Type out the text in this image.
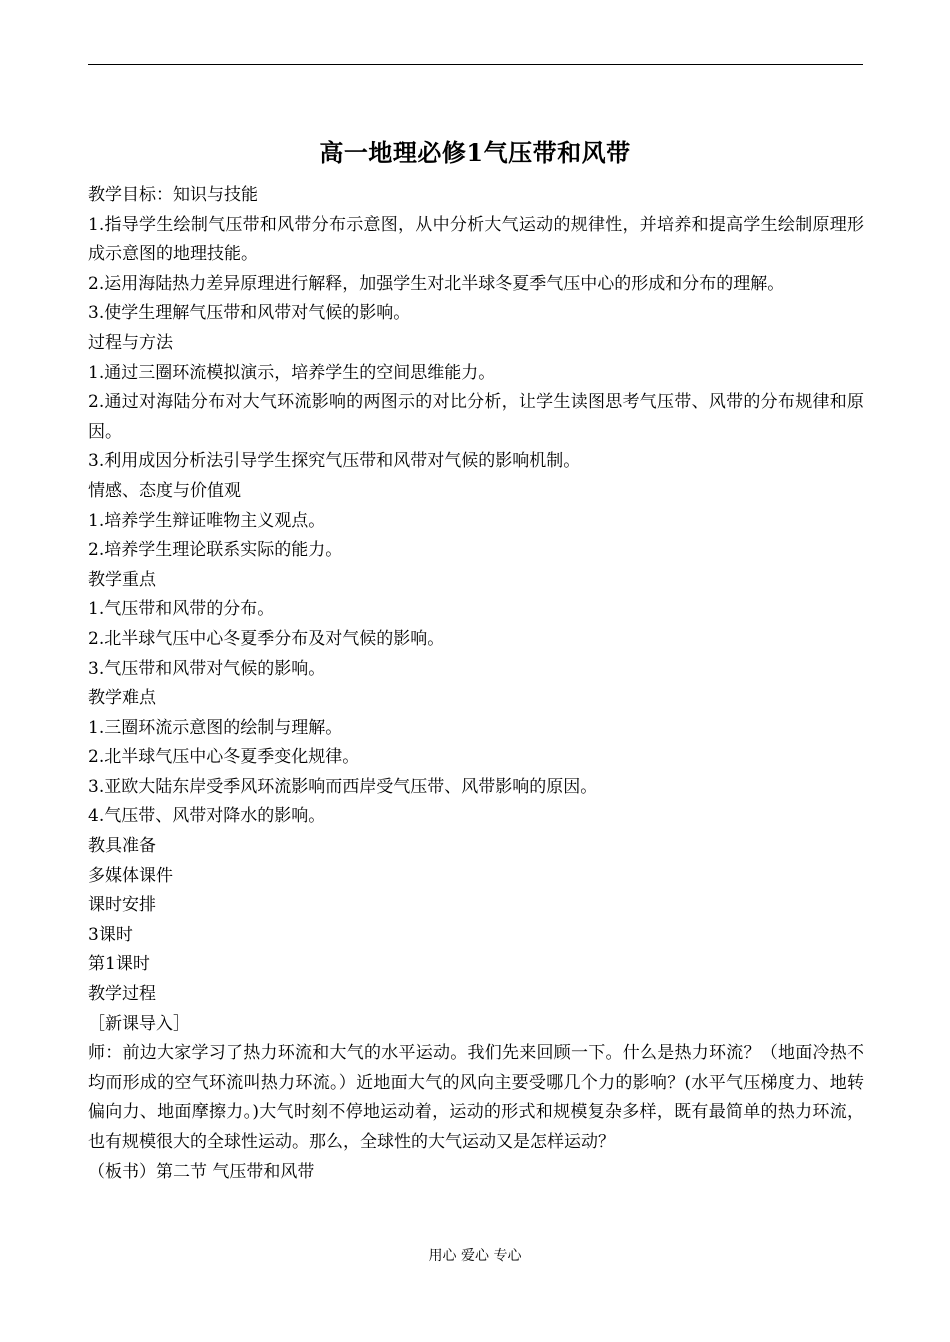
高一地理必修1气压带和风带

教学目标：知识与技能

1.指导学生绘制气压带和风带分布示意图，从中分析大气运动的规律性，并培养和提高学生绘制原理形成示意图的地理技能。

2.运用海陆热力差异原理进行解释，加强学生对北半球冬夏季气压中心的形成和分布的理解。

3.使学生理解气压带和风带对气候的影响。

过程与方法

1.通过三圈环流模拟演示，培养学生的空间思维能力。

2.通过对海陆分布对大气环流影响的两图示的对比分析，让学生读图思考气压带、风带的分布规律和原因。

3.利用成因分析法引导学生探究气压带和风带对气候的影响机制。

情感、态度与价值观

1.培养学生辩证唯物主义观点。

2.培养学生理论联系实际的能力。

教学重点

1.气压带和风带的分布。

2.北半球气压中心冬夏季分布及对气候的影响。

3.气压带和风带对气候的影响。

教学难点

1.三圈环流示意图的绘制与理解。

2.北半球气压中心冬夏季变化规律。

3.亚欧大陆东岸受季风环流影响而西岸受气压带、风带影响的原因。

4.气压带、风带对降水的影响。

教具准备

多媒体课件

课时安排

3课时

第1课时

教学过程

［新课导入］

师：前边大家学习了热力环流和大气的水平运动。我们先来回顾一下。什么是热力环流？（地面冷热不均而形成的空气环流叫热力环流。）近地面大气的风向主要受哪几个力的影响？(水平气压梯度力、地转偏向力、地面摩擦力。)大气时刻不停地运动着，运动的形式和规模复杂多样，既有最简单的热力环流，也有规模很大的全球性运动。那么，全球性的大气运动又是怎样运动？

（板书）第二节 气压带和风带

用心 爱心 专心
